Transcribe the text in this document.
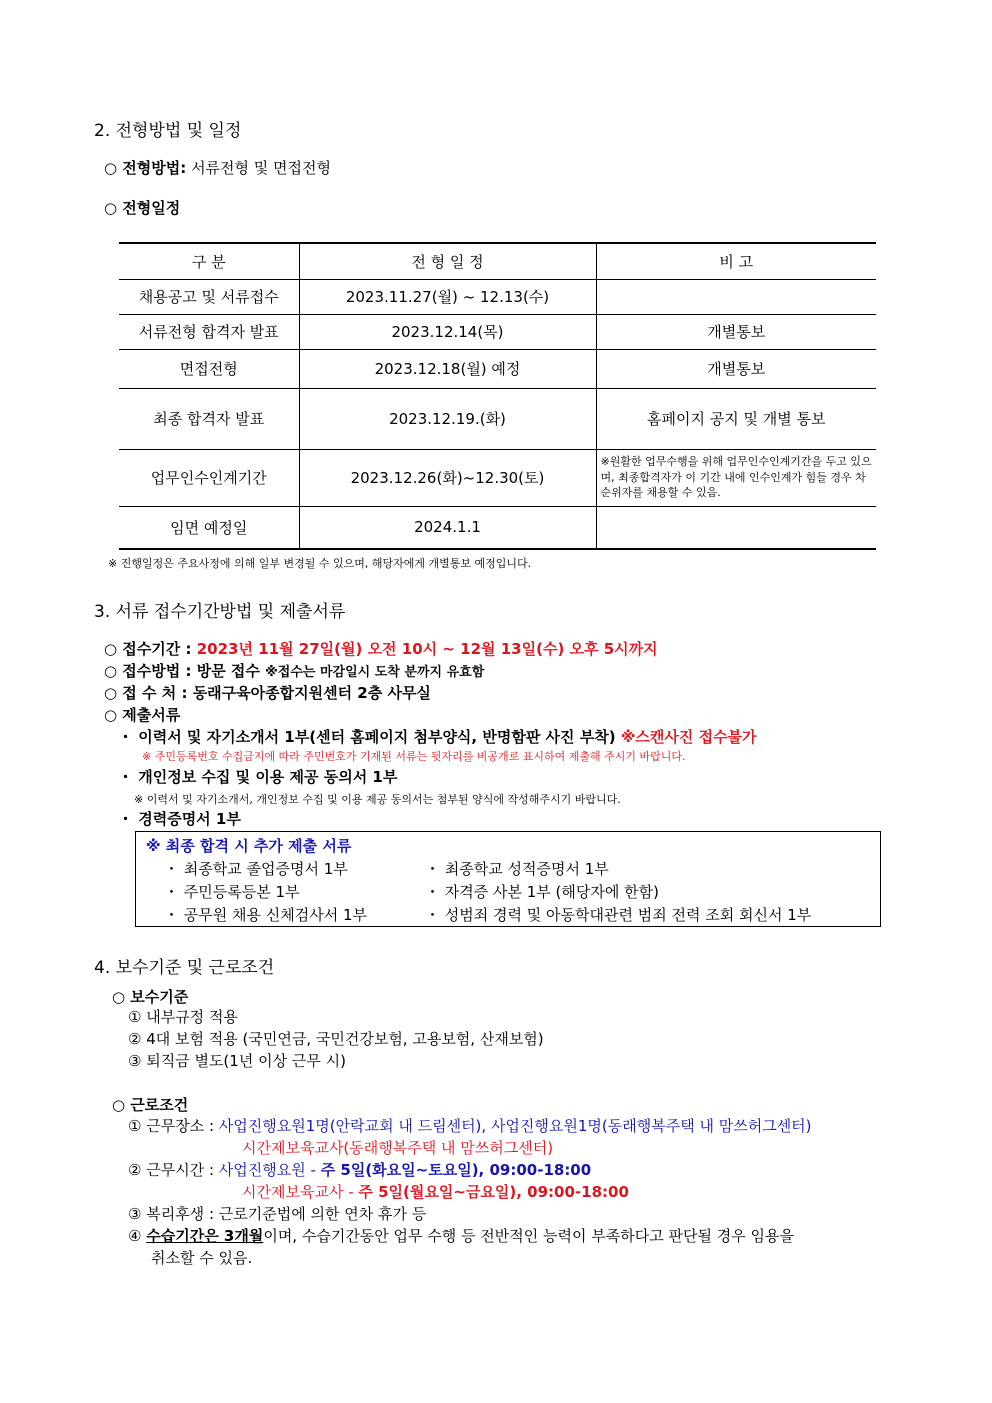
2. 전형방법 및 일정
○ 전형방법: 서류전형 및 면접전형
○ 전형일정
구 분	전 형 일 정	비 고
채용공고 및 서류접수	2023.11.27(월) ~ 12.13(수)	
서류전형 합격자 발표	2023.12.14(목)	개별통보
면접전형	2023.12.18(월) 예정	개별통보
최종 합격자 발표	2023.12.19.(화)	홈페이지 공지 및 개별 통보
업무인수인계기간	2023.12.26(화)~12.30(토)	※원활한 업무수행을 위해 업무인수인계기간을 두고 있으며, 최종합격자가 이 기간 내에 인수인계가 힘들 경우 차순위자를 채용할 수 있음.
임면 예정일	2024.1.1	
※ 진행일정은 주요사정에 의해 일부 변경될 수 있으며, 해당자에게 개별통보 예정입니다.
3. 서류 접수기간방법 및 제출서류
○ 접수기간 : 2023년 11월 27일(월) 오전 10시 ~ 12월 13일(수) 오후 5시까지
○ 접수방법 : 방문 접수 ※접수는 마감일시 도착 분까지 유효함
○ 접 수 처 : 동래구육아종합지원센터 2층 사무실
○ 제출서류
・ 이력서 및 자기소개서 1부(센터 홈페이지 첨부양식, 반명함판 사진 부착) ※스캔사진 접수불가
※ 주민등록번호 수집금지에 따라 주민번호가 기재된 서류는 뒷자리를 비공개로 표시하여 제출해 주시기 바랍니다.
・ 개인정보 수집 및 이용 제공 동의서 1부
※ 이력서 및 자기소개서, 개인정보 수집 및 이용 제공 동의서는 첨부된 양식에 작성해주시기 바랍니다.
・ 경력증명서 1부
※ 최종 합격 시 추가 제출 서류
・ 최종학교 졸업증명서 1부	・ 최종학교 성적증명서 1부
・ 주민등록등본 1부	・ 자격증 사본 1부 (해당자에 한함)
・ 공무원 채용 신체검사서 1부	・ 성범죄 경력 및 아동학대관련 범죄 전력 조회 회신서 1부
4. 보수기준 및 근로조건
○ 보수기준
① 내부규정 적용
② 4대 보험 적용 (국민연금, 국민건강보험, 고용보험, 산재보험)
③ 퇴직금 별도(1년 이상 근무 시)
○ 근로조건
① 근무장소 : 사업진행요원1명(안락교회 내 드림센터), 사업진행요원1명(동래행복주택 내 맘쓰허그센터)
시간제보육교사(동래행복주택 내 맘쓰허그센터)
② 근무시간 : 사업진행요원 - 주 5일(화요일~토요일), 09:00-18:00
시간제보육교사 - 주 5일(월요일~금요일), 09:00-18:00
③ 복리후생 : 근로기준법에 의한 연차 휴가 등
④ 수습기간은 3개월이며, 수습기간동안 업무 수행 등 전반적인 능력이 부족하다고 판단될 경우 임용을
취소할 수 있음.
